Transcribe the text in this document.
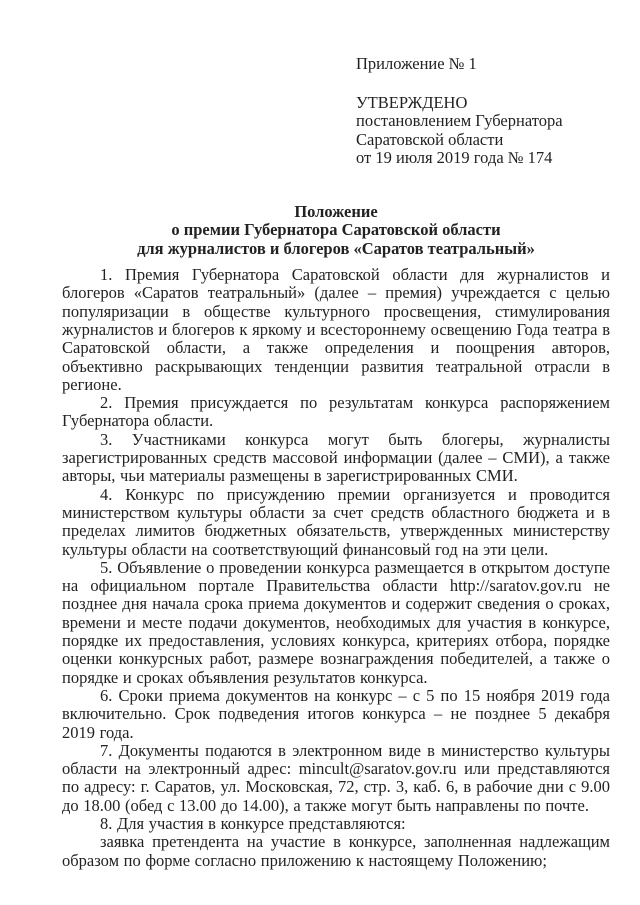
Приложение № 1
УТВЕРЖДЕНО
постановлением Губернатора
Саратовской области
от 19 июля 2019 года № 174
Положение
о премии Губернатора Саратовской области
для журналистов и блогеров «Саратов театральный»

1. Премия Губернатора Саратовской области для журналистов и блогеров «Саратов театральный» (далее – премия) учреждается с целью популяризации в обществе культурного просвещения, стимулирования журналистов и блогеров к яркому и всестороннему освещению Года театра в Саратовской области, а также определения и поощрения авторов, объективно раскрывающих тенденции развития театральной отрасли в регионе.

2. Премия присуждается по результатам конкурса распоряжением Губернатора области.

3. Участниками конкурса могут быть блогеры, журналисты зарегистрированных средств массовой информации (далее – СМИ), а также авторы, чьи материалы размещены в зарегистрированных СМИ.

4. Конкурс по присуждению премии организуется и проводится министерством культуры области за счет средств областного бюджета и в пределах лимитов бюджетных обязательств, утвержденных министерству культуры области на соответствующий финансовый год на эти цели.

5. Объявление о проведении конкурса размещается в открытом доступе на официальном портале Правительства области http://saratov.gov.ru не позднее дня начала срока приема документов и содержит сведения о сроках, времени и месте подачи документов, необходимых для участия в конкурсе, порядке их предоставления, условиях конкурса, критериях отбора, порядке оценки конкурсных работ, размере вознаграждения победителей, а также о порядке и сроках объявления результатов конкурса.

6. Сроки приема документов на конкурс – с 5 по 15 ноября 2019 года включительно. Срок подведения итогов конкурса – не позднее 5 декабря 2019 года.

7. Документы подаются в электронном виде в министерство культуры области на электронный адрес: mincult@saratov.gov.ru или представляются по адресу: г. Саратов, ул. Московская, 72, стр. 3, каб. 6, в рабочие дни с 9.00 до 18.00 (обед с 13.00 до 14.00), а также могут быть направлены по почте.

8. Для участия в конкурсе представляются:

заявка претендента на участие в конкурсе, заполненная надлежащим образом по форме согласно приложению к настоящему Положению;
